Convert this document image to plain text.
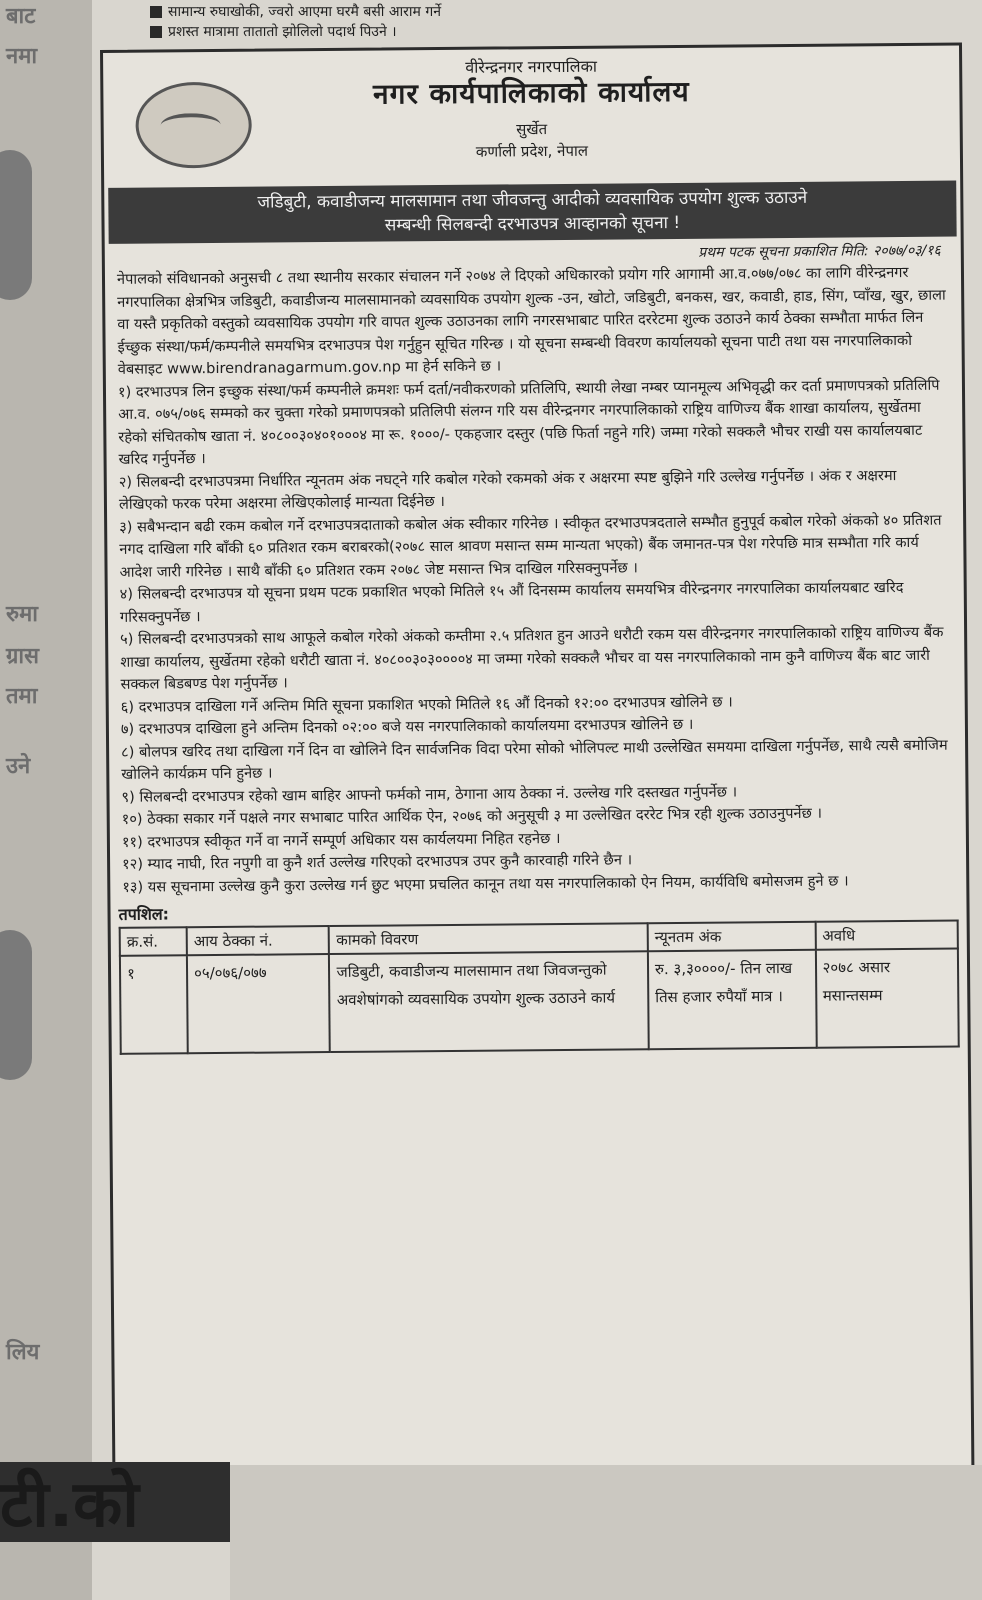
बाट
नमा
रुमा
ग्रास
तमा
उने
लिय
सामान्य रुघाखोकी, ज्वरो आएमा घरमै बसी आराम गर्ने
प्रशस्त मात्रामा तातातो झोलिलो पदार्थ पिउने ।
वीरेन्द्रनगर नगरपालिका
नगर कार्यपालिकाको कार्यालय
सुर्खेत
कर्णाली प्रदेश, नेपाल
जडिबुटी, कवाडीजन्य मालसामान तथा जीवजन्तु आदीको व्यवसायिक उपयोग शुल्क उठाउने
सम्बन्धी सिलबन्दी दरभाउपत्र आव्हानको सूचना !
प्रथम पटक सूचना प्रकाशित मिति: २०७७/०३/१६

नेपालको संविधानको अनुसची ८ तथा स्थानीय सरकार संचालन गर्ने २०७४ ले दिएको अधिकारको प्रयोग गरि आगामी आ.व.०७७/०७८ का लागि वीरेन्द्रनगर नगरपालिका क्षेत्रभित्र जडिबुटी, कवाडीजन्य मालसामानको व्यवसायिक उपयोग शुल्क -उन, खोटो, जडिबुटी, बनकस, खर, कवाडी, हाड, सिंग, प्वाँख, खुर, छाला वा यस्तै प्रकृतिको वस्तुको व्यवसायिक उपयोग गरि वापत शुल्क उठाउनका लागि नगरसभाबाट पारित दररेटमा शुल्क उठाउने कार्य ठेक्का सम्भौता मार्फत लिन ईच्छुक संस्था/फर्म/कम्पनीले समयभित्र दरभाउपत्र पेश गर्नुहुन सूचित गरिन्छ । यो सूचना सम्बन्धी विवरण कार्यालयको सूचना पाटी तथा यस नगरपालिकाको वेबसाइट www.birendranagarmum.gov.np मा हेर्न सकिने छ ।

१) दरभाउपत्र लिन इच्छुक संस्था/फर्म कम्पनीले क्रमशः फर्म दर्ता/नवीकरणको प्रतिलिपि, स्थायी लेखा नम्बर प्यानमूल्य अभिवृद्धी कर दर्ता प्रमाणपत्रको प्रतिलिपि आ.व. ०७५/०७६ सम्मको कर चुक्ता गरेको प्रमाणपत्रको प्रतिलिपी संलग्न गरि यस वीरेन्द्रनगर नगरपालिकाको राष्ट्रिय वाणिज्य बैंक शाखा कार्यालय, सुर्खेतमा रहेको संचितकोष खाता नं. ४०८००३०४०१०००४ मा रू. १०००/- एकहजार दस्तुर (पछि फिर्ता नहुने गरि) जम्मा गरेको सक्कलै भौचर राखी यस कार्यालयबाट खरिद गर्नुपर्नेछ ।

२) सिलबन्दी दरभाउपत्रमा निर्धारित न्यूनतम अंक नघट्ने गरि कबोल गरेको रकमको अंक र अक्षरमा स्पष्ट बुझिने गरि उल्लेख गर्नुपर्नेछ । अंक र अक्षरमा लेखिएको फरक परेमा अक्षरमा लेखिएकोलाई मान्यता दिईनेछ ।

३) सबैभन्दान बढी रकम कबोल गर्ने दरभाउपत्रदाताको कबोल अंक स्वीकार गरिनेछ । स्वीकृत दरभाउपत्रदताले सम्भौत हुनुपूर्व कबोल गरेको अंकको ४० प्रतिशत नगद दाखिला गरि बाँकी ६० प्रतिशत रकम बराबरको(२०७८ साल श्रावण मसान्त सम्म मान्यता भएको) बैंक जमानत-पत्र पेश गरेपछि मात्र सम्भौता गरि कार्य आदेश जारी गरिनेछ । साथै बाँकी ६० प्रतिशत रकम २०७८ जेष्ट मसान्त भित्र दाखिल गरिसक्नुपर्नेछ ।

४) सिलबन्दी दरभाउपत्र यो सूचना प्रथम पटक प्रकाशित भएको मितिले १५ औं दिनसम्म कार्यालय समयभित्र वीरेन्द्रनगर नगरपालिका कार्यालयबाट खरिद गरिसक्नुपर्नेछ ।

५) सिलबन्दी दरभाउपत्रको साथ आफूले कबोल गरेको अंकको कम्तीमा २.५ प्रतिशत हुन आउने धरौटी रकम यस वीरेन्द्रनगर नगरपालिकाको राष्ट्रिय वाणिज्य बैंक शाखा कार्यालय, सुर्खेतमा रहेको धरौटी खाता नं. ४०८००३०३००००४ मा जम्मा गरेको सक्कलै भौचर वा यस नगरपालिकाको नाम कुनै वाणिज्य बैंक बाट जारी सक्कल बिडबण्ड पेश गर्नुपर्नेछ ।

६) दरभाउपत्र दाखिला गर्ने अन्तिम मिति सूचना प्रकाशित भएको मितिले १६ औं दिनको १२:०० दरभाउपत्र खोलिने छ ।

७) दरभाउपत्र दाखिला हुने अन्तिम दिनको ०२:०० बजे यस नगरपालिकाको कार्यालयमा दरभाउपत्र खोलिने छ ।

८) बोलपत्र खरिद तथा दाखिला गर्ने दिन वा खोलिने दिन सार्वजनिक विदा परेमा सोको भोलिपल्ट माथी उल्लेखित समयमा दाखिला गर्नुपर्नेछ, साथै त्यसै बमोजिम खोलिने कार्यक्रम पनि हुनेछ ।

९) सिलबन्दी दरभाउपत्र रहेको खाम बाहिर आफ्नो फर्मको नाम, ठेगाना आय ठेक्का नं. उल्लेख गरि दस्तखत गर्नुपर्नेछ ।

१०) ठेक्का सकार गर्ने पक्षले नगर सभाबाट पारित आर्थिक ऐन, २०७६ को अनुसूची ३ मा उल्लेखित दररेट भित्र रही शुल्क उठाउनुपर्नेछ ।

११) दरभाउपत्र स्वीकृत गर्ने वा नगर्ने सम्पूर्ण अधिकार यस कार्यलयमा निहित रहनेछ ।

१२) म्याद नाघी, रित नपुगी वा कुनै शर्त उल्लेख गरिएको दरभाउपत्र उपर कुनै कारवाही गरिने छैन ।

१३) यस सूचनामा उल्लेख कुनै कुरा उल्लेख गर्न छुट भएमा प्रचलित कानून तथा यस नगरपालिकाको ऐन नियम, कार्यविधि बमोसजम हुने छ ।

तपशिल:
क्र.सं.	आय ठेक्का नं.	कामको विवरण	न्यूनतम अंक	अवधि
१	०५/०७६/०७७	जडिबुटी, कवाडीजन्य मालसामान तथा जिवजन्तुको अवशेषांगको व्यवसायिक उपयोग शुल्क उठाउने कार्य	रु. ३,३००००/- तिन लाख तिस हजार रुपैयाँ मात्र ।	२०७८ असार मसान्तसम्म
टी.को
